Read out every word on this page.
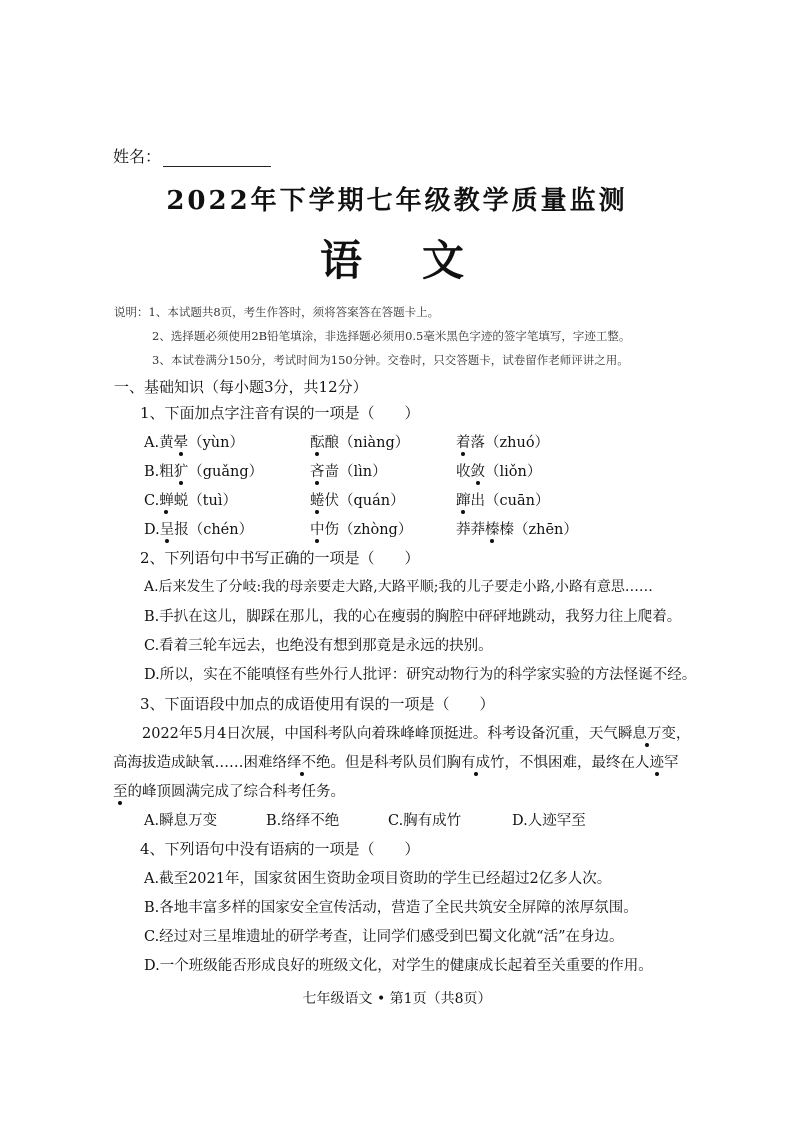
姓名：
2022年下学期七年级教学质量监测
语文
说明：1、本试题共8页，考生作答时，须将答案答在答题卡上。
2、选择题必须使用2B铅笔填涂，非选择题必须用0.5毫米黑色字迹的签字笔填写，字迹工整。
3、本试卷满分150分，考试时间为150分钟。交卷时，只交答题卡，试卷留作老师评讲之用。
一、基础知识（每小题3分，共12分）
1、下面加点字注音有误的一项是（　　）
A.黄晕（yùn）	酝酿（niàng）	着落（zhuó）
B.粗犷（guǎng）	吝啬（lìn）	收敛（liǒn）
C.蝉蜕（tuì）	蜷伏（quán）	蹿出（cuān）
D.呈报（chén）	中伤（zhòng）	莽莽榛榛（zhēn）
2、下列语句中书写正确的一项是（　　）
A.后来发生了分岐:我的母亲要走大路,大路平顺;我的儿子要走小路,小路有意思……
B.手扒在这儿，脚踩在那儿，我的心在瘦弱的胸腔中砰砰地跳动，我努力往上爬着。
C.看着三轮车远去，也绝没有想到那竟是永远的抉别。
D.所以，实在不能嗔怪有些外行人批评：研究动物行为的科学家实验的方法怪诞不经。
3、下面语段中加点的成语使用有误的一项是（　　）
2022年5月4日次展，中国科考队向着珠峰峰顶挺进。科考设备沉重，天气瞬息万变，
高海拔造成缺氧……困难络绎不绝。但是科考队员们胸有成竹，不惧困难，最终在人迹罕
至的峰顶圆满完成了综合科考任务。
A.瞬息万变	B.络绎不绝	C.胸有成竹	D.人迹罕至
4、下列语句中没有语病的一项是（　　）
A.截至2021年，国家贫困生资助金项目资助的学生已经超过2亿多人次。
B.各地丰富多样的国家安全宣传活动，营造了全民共筑安全屏障的浓厚氛围。
C.经过对三星堆遗址的研学考查，让同学们感受到巴蜀文化就“活”在身边。
D.一个班级能否形成良好的班级文化，对学生的健康成长起着至关重要的作用。
七年级语文 • 第1页（共8页）
